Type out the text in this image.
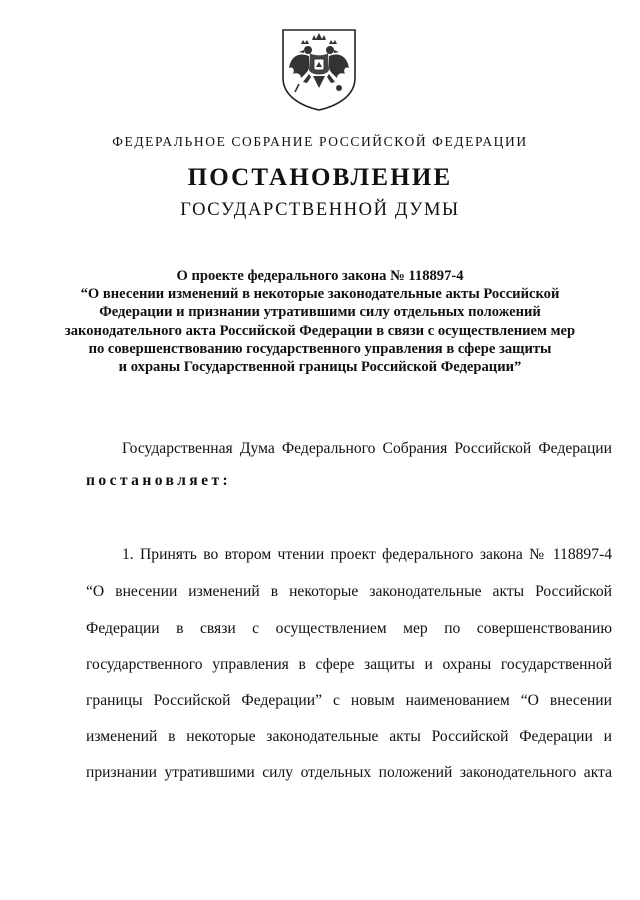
ФЕДЕРАЛЬНОЕ СОБРАНИЕ РОССИЙСКОЙ ФЕДЕРАЦИИ
ПОСТАНОВЛЕНИЕ
ГОСУДАРСТВЕННОЙ ДУМЫ
О проекте федерального закона № 118897-4
“О внесении изменений в некоторые законодательные акты Российской
Федерации и признании утратившими силу отдельных положений
законодательного акта Российской Федерации в связи с осуществлением мер
по совершенствованию государственного управления в сфере защиты
и охраны Государственной границы Российской Федерации”
Государственная Дума Федерального Собрания Российской Федерации
постановляет:
1. Принять во втором чтении проект федерального закона № 118897-4
“О внесении изменений в некоторые законодательные акты Российской
Федерации в связи с осуществлением мер по совершенствованию
государственного управления в сфере защиты и охраны государственной
границы Российской Федерации” с новым наименованием “О внесении
изменений в некоторые законодательные акты Российской Федерации и
признании утратившими силу отдельных положений законодательного акта
